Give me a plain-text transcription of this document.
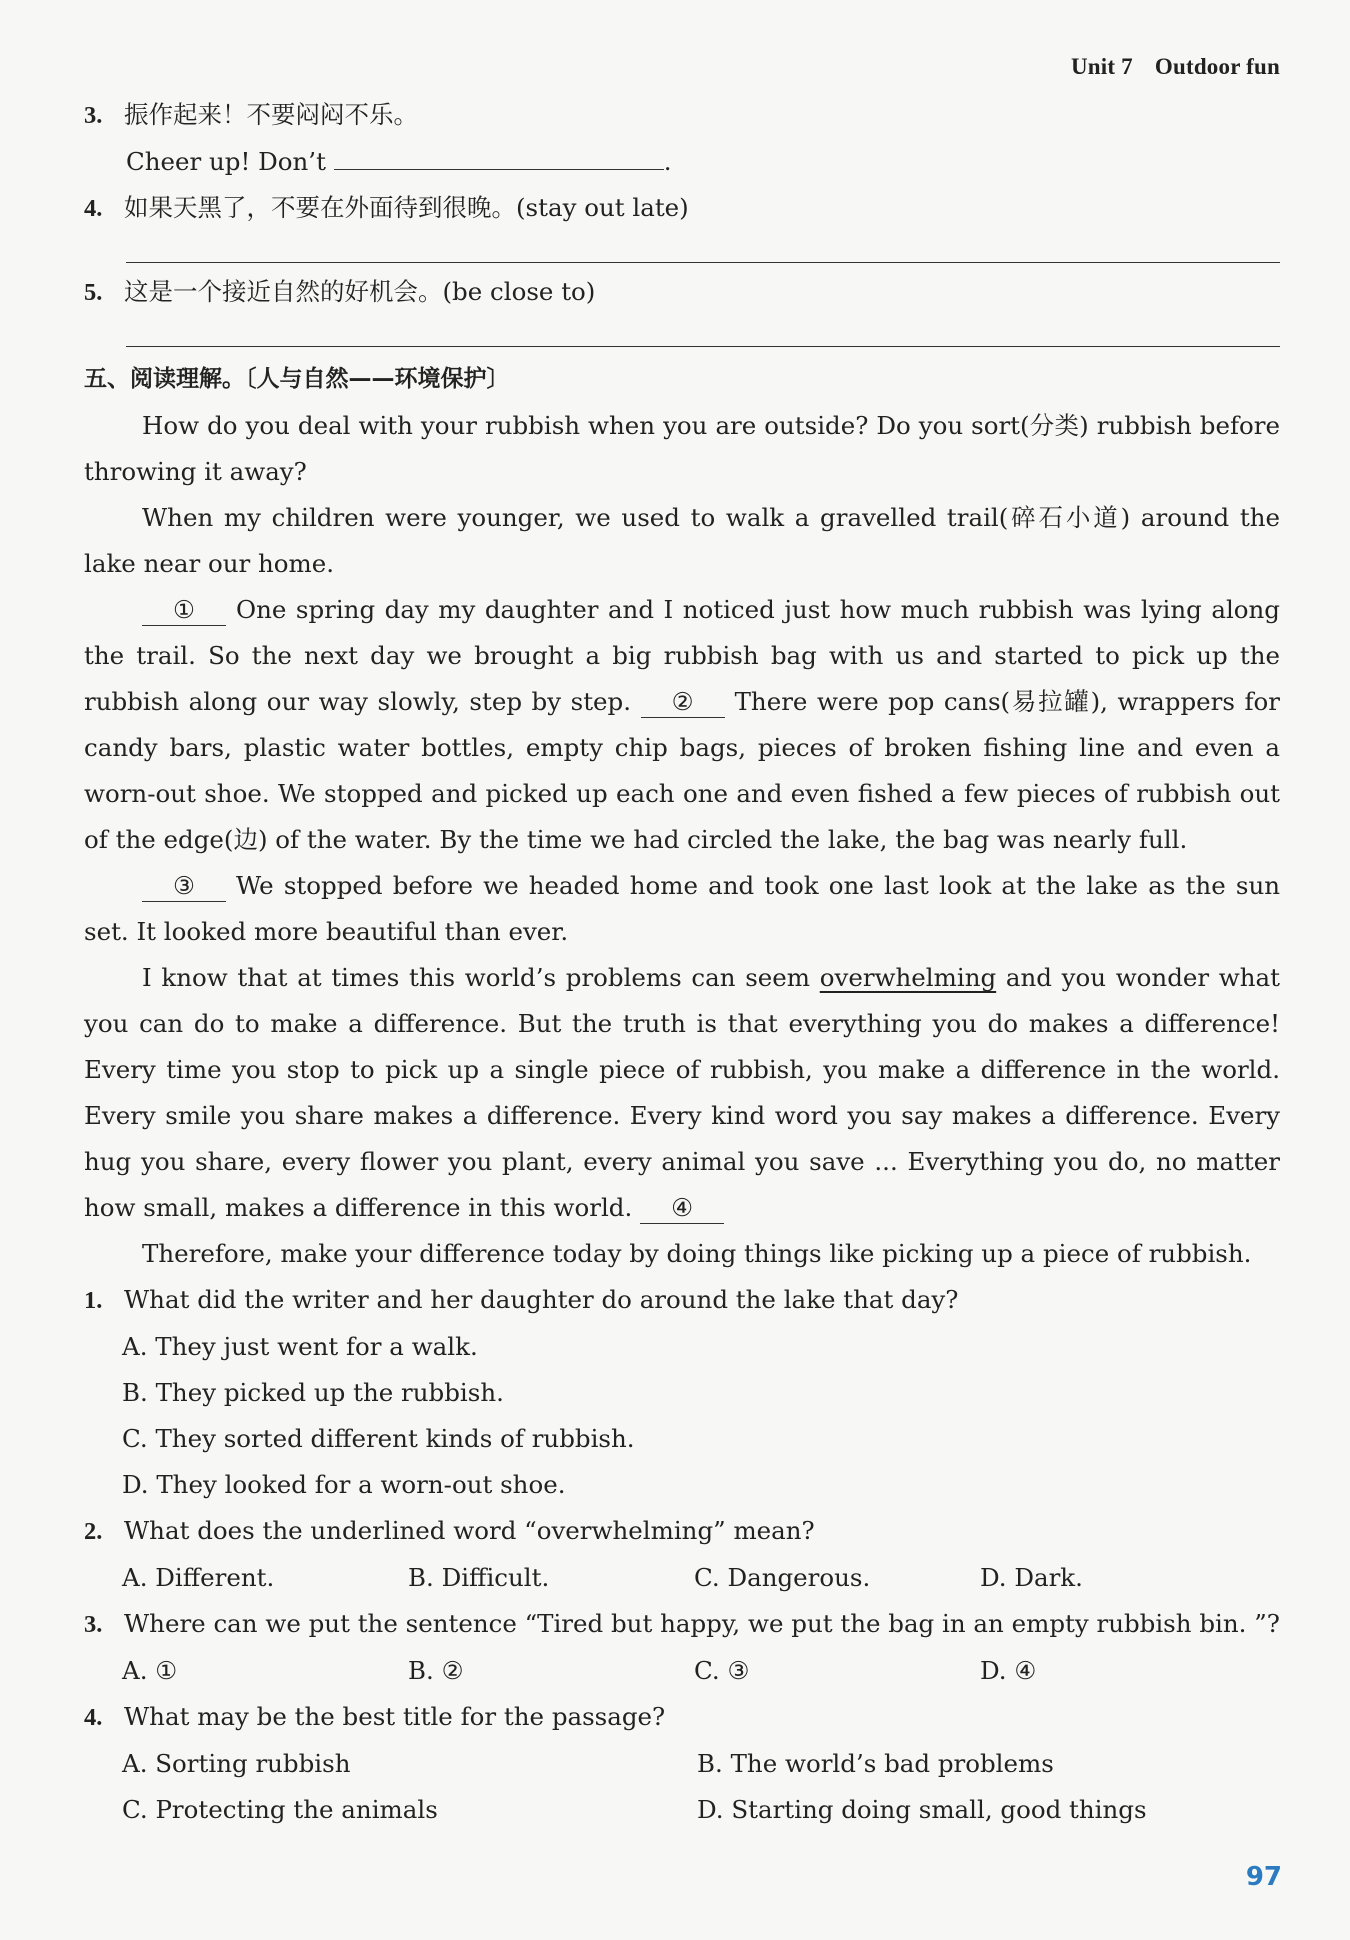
Unit 7 Outdoor fun
3. 振作起来！不要闷闷不乐。
Cheer up! Don’t	.
4. 如果天黑了，不要在外面待到很晚。(stay out late)
5. 这是一个接近自然的好机会。(be close to)
五、阅读理解。〔人与自然——环境保护〕

How do you deal with your rubbish when you are outside? Do you sort(分类) rubbish before throwing it away?

When my children were younger, we used to walk a gravelled trail(碎石小道) around the lake near our home.

① One spring day my daughter and I noticed just how much rubbish was lying along the trail. So the next day we brought a big rubbish bag with us and started to pick up the rubbish along our way slowly, step by step. ② There were pop cans(易拉罐), wrappers for candy bars, plastic water bottles, empty chip bags, pieces of broken fishing line and even a worn-out shoe. We stopped and picked up each one and even fished a few pieces of rubbish out of the edge(边) of the water. By the time we had circled the lake, the bag was nearly full.

③ We stopped before we headed home and took one last look at the lake as the sun set. It looked more beautiful than ever.

I know that at times this world’s problems can seem overwhelming and you wonder what you can do to make a difference. But the truth is that everything you do makes a difference! Every time you stop to pick up a single piece of rubbish, you make a difference in the world. Every smile you share makes a difference. Every kind word you say makes a difference. Every hug you share, every flower you plant, every animal you save ... Everything you do, no matter how small, makes a difference in this world. ④

Therefore, make your difference today by doing things like picking up a piece of rubbish.

1. What did the writer and her daughter do around the lake that day?
A. They just went for a walk.
B. They picked up the rubbish.
C. They sorted different kinds of rubbish.
D. They looked for a worn-out shoe.
2. What does the underlined word “overwhelming” mean?
A. Different.	B. Difficult.	C. Dangerous.	D. Dark.
3. Where can we put the sentence “Tired but happy, we put the bag in an empty rubbish bin. ”?
A. ①	B. ②	C. ③	D. ④
4. What may be the best title for the passage?
A. Sorting rubbish	B. The world’s bad problems
C. Protecting the animals	D. Starting doing small, good things
97
